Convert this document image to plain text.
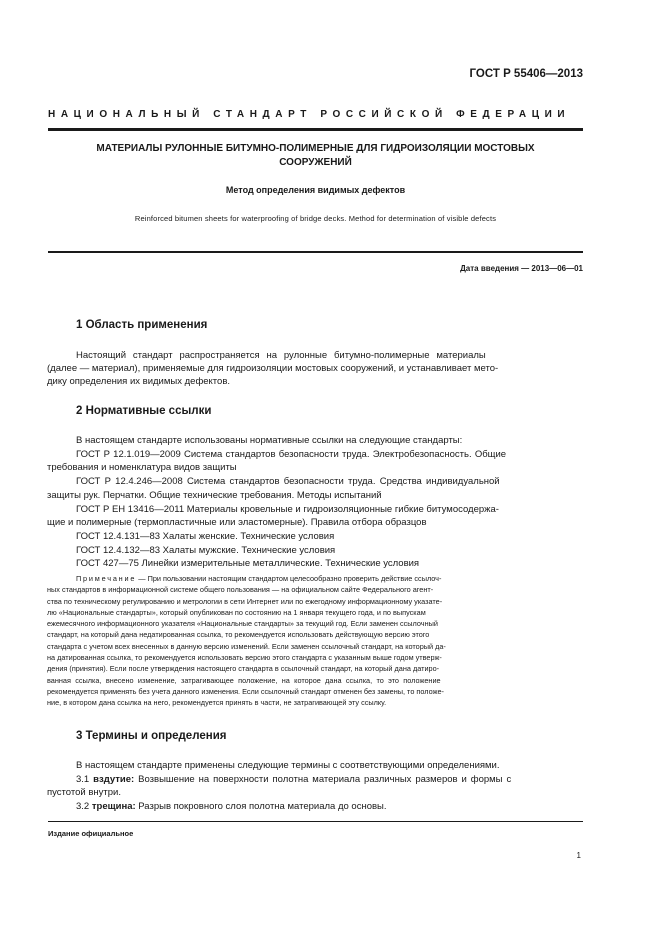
ГОСТ Р 55406—2013
НАЦИОНАЛЬНЫЙ СТАНДАРТ РОССИЙСКОЙ ФЕДЕРАЦИИ
МАТЕРИАЛЫ РУЛОННЫЕ БИТУМНО-ПОЛИМЕРНЫЕ ДЛЯ ГИДРОИЗОЛЯЦИИ МОСТОВЫХ
СООРУЖЕНИЙ
Метод определения видимых дефектов
Reinforced bitumen sheets for waterproofing of bridge decks. Method for determination of visible defects
Дата введения — 2013—06—01
1 Область применения
Настоящий стандарт распространяется на рулонные битумно-полимерные материалы
(далее — материал), применяемые для гидроизоляции мостовых сооружений, и устанавливает мето-
дику определения их видимых дефектов.
2 Нормативные ссылки
В настоящем стандарте использованы нормативные ссылки на следующие стандарты:
ГОСТ Р 12.1.019—2009 Система стандартов безопасности труда. Электробезопасность. Общие
требования и номенклатура видов защиты
ГОСТ Р 12.4.246—2008 Система стандартов безопасности труда. Средства индивидуальной
защиты рук. Перчатки. Общие технические требования. Методы испытаний
ГОСТ Р ЕН 13416—2011 Материалы кровельные и гидроизоляционные гибкие битумосодержа-
щие и полимерные (термопластичные или эластомерные). Правила отбора образцов
ГОСТ 12.4.131—83 Халаты женские. Технические условия
ГОСТ 12.4.132—83 Халаты мужские. Технические условия
ГОСТ 427—75 Линейки измерительные металлические. Технические условия
Примечание — При пользовании настоящим стандартом целесообразно проверить действие ссылоч-
ных стандартов в информационной системе общего пользования — на официальном сайте Федерального агент-
ства по техническому регулированию и метрологии в сети Интернет или по ежегодному информационному указате-
лю «Национальные стандарты», который опубликован по состоянию на 1 января текущего года, и по выпускам
ежемесячного информационного указателя «Национальные стандарты» за текущий год. Если заменен ссылочный
стандарт, на который дана недатированная ссылка, то рекомендуется использовать действующую версию этого
стандарта с учетом всех внесенных в данную версию изменений. Если заменен ссылочный стандарт, на который да-
на датированная ссылка, то рекомендуется использовать версию этого стандарта с указанным выше годом утверж-
дения (принятия). Если после утверждения настоящего стандарта в ссылочный стандарт, на который дана датиро-
ванная ссылка, внесено изменение, затрагивающее положение, на которое дана ссылка, то это положение
рекомендуется применять без учета данного изменения. Если ссылочный стандарт отменен без замены, то положе-
ние, в котором дана ссылка на него, рекомендуется принять в части, не затрагивающей эту ссылку.
3 Термины и определения
В настоящем стандарте применены следующие термины с соответствующими определениями.
3.1 вздутие: Возвышение на поверхности полотна материала различных размеров и формы с
пустотой внутри.
3.2 трещина: Разрыв покровного слоя полотна материала до основы.
Издание официальное
1
